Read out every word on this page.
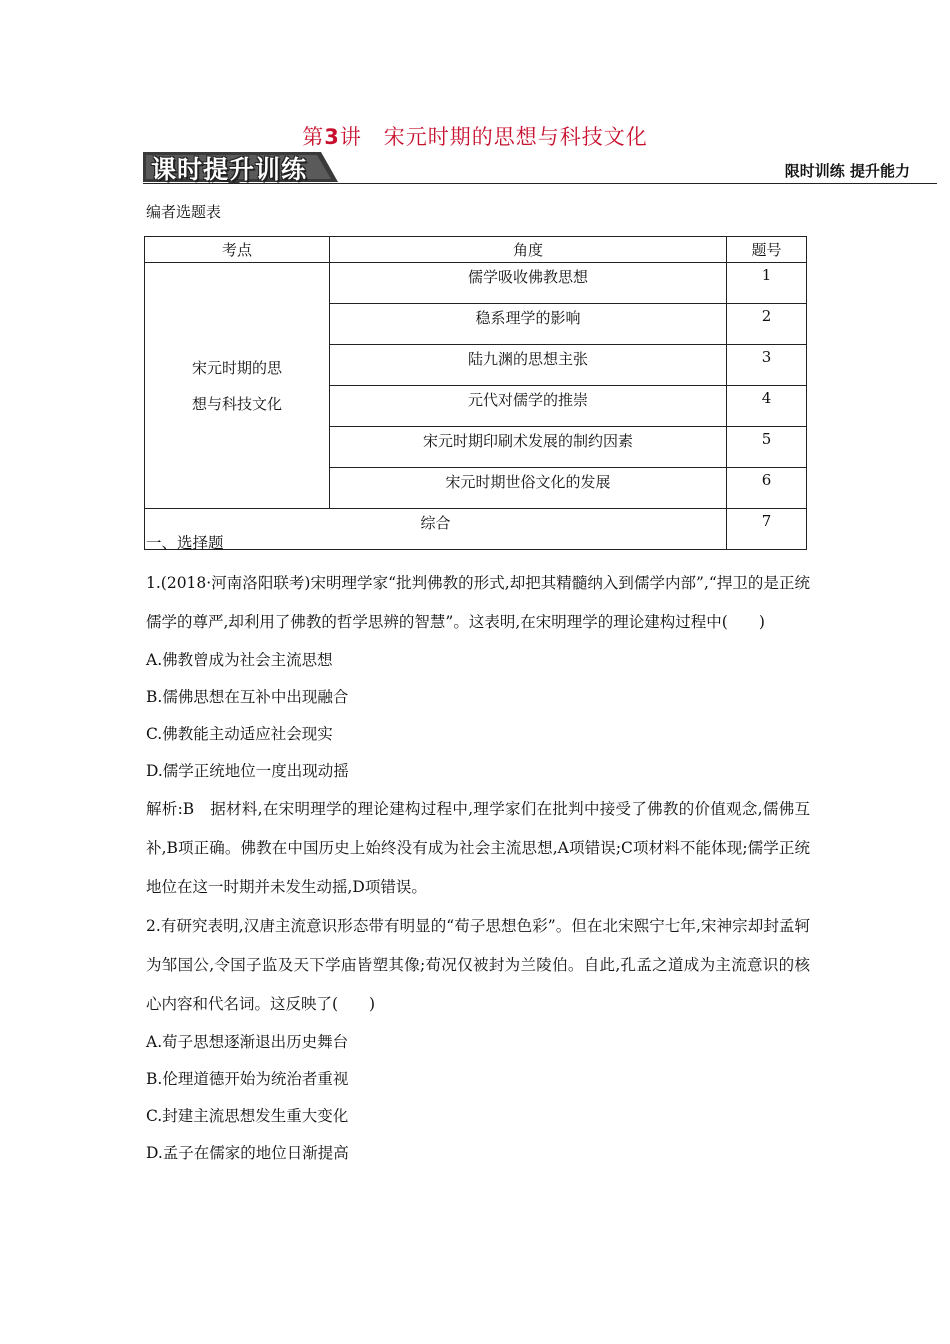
第3讲　宋元时期的思想与科技文化
课时提升训练	限时训练 提升能力
编者选题表
考点	角度	题号

宋元时期的思
想与科技文化	儒学吸收佛教思想	1
	稳系理学的影响	2
	陆九渊的思想主张	3
	元代对儒学的推崇	4
	宋元时期印刷术发展的制约因素	5
	宋元时期世俗文化的发展	6
综合		7

一、选择题

1.(2018·河南洛阳联考)宋明理学家“批判佛教的形式,却把其精髓纳入到儒学内部”,“捍卫的是正统儒学的尊严,却利用了佛教的哲学思辨的智慧”。这表明,在宋明理学的理论建构过程中(　　)

A.佛教曾成为社会主流思想

B.儒佛思想在互补中出现融合

C.佛教能主动适应社会现实

D.儒学正统地位一度出现动摇

解析:B　据材料,在宋明理学的理论建构过程中,理学家们在批判中接受了佛教的价值观念,儒佛互补,B项正确。佛教在中国历史上始终没有成为社会主流思想,A项错误;C项材料不能体现;儒学正统地位在这一时期并未发生动摇,D项错误。

2.有研究表明,汉唐主流意识形态带有明显的“荀子思想色彩”。但在北宋熙宁七年,宋神宗却封孟轲为邹国公,令国子监及天下学庙皆塑其像;荀况仅被封为兰陵伯。自此,孔孟之道成为主流意识的核心内容和代名词。这反映了(　　)

A.荀子思想逐渐退出历史舞台

B.伦理道德开始为统治者重视

C.封建主流思想发生重大变化

D.孟子在儒家的地位日渐提高
